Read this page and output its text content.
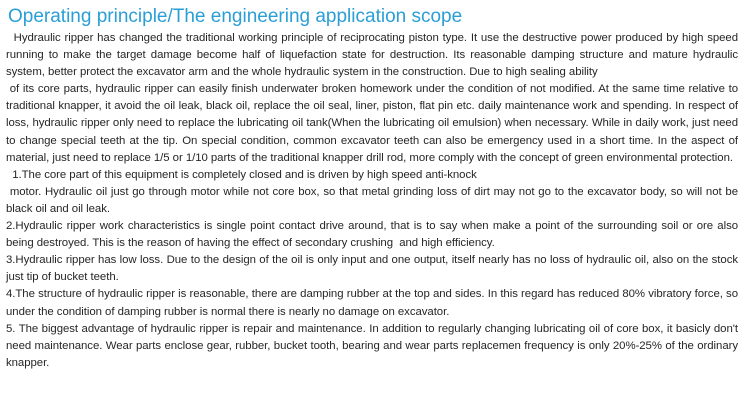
Operating principle/The engineering application scope

Hydraulic ripper has changed the traditional working principle of reciprocating piston type. It use the destructive power produced by high speed running to make the target damage become half of liquefaction state for destruction. Its reasonable damping structure and mature hydraulic system, better protect the excavator arm and the whole hydraulic system in the construction. Due to high sealing ability

of its core parts, hydraulic ripper can easily finish underwater broken homework under the condition of not modified. At the same time relative to traditional knapper, it avoid the oil leak, black oil, replace the oil seal, liner, piston, flat pin etc. daily maintenance work and spending. In respect of loss, hydraulic ripper only need to replace the lubricating oil tank(When the lubricating oil emulsion) when necessary. While in daily work, just need to change special teeth at the tip. On special condition, common excavator teeth can also be emergency used in a short time. In the aspect of material, just need to replace 1/5 or 1/10 parts of the traditional knapper drill rod, more comply with the concept of green environmental protection.

1.The core part of this equipment is completely closed and is driven by high speed anti-knock

motor. Hydraulic oil just go through motor while not core box, so that metal grinding loss of dirt may not go to the excavator body, so will not be black oil and oil leak.

2.Hydraulic ripper work characteristics is single point contact drive around, that is to say when make a point of the surrounding soil or ore also being destroyed. This is the reason of having the effect of secondary crushing  and high efficiency.

3.Hydraulic ripper has low loss. Due to the design of the oil is only input and one output, itself nearly has no loss of hydraulic oil, also on the stock just tip of bucket teeth.

4.The structure of hydraulic ripper is reasonable, there are damping rubber at the top and sides. In this regard has reduced 80% vibratory force, so under the condition of damping rubber is normal there is nearly no damage on excavator.

5. The biggest advantage of hydraulic ripper is repair and maintenance. In addition to regularly changing lubricating oil of core box, it basicly don't need maintenance. Wear parts enclose gear, rubber, bucket tooth, bearing and wear parts replacemen frequency is only 20%-25% of the ordinary knapper.
